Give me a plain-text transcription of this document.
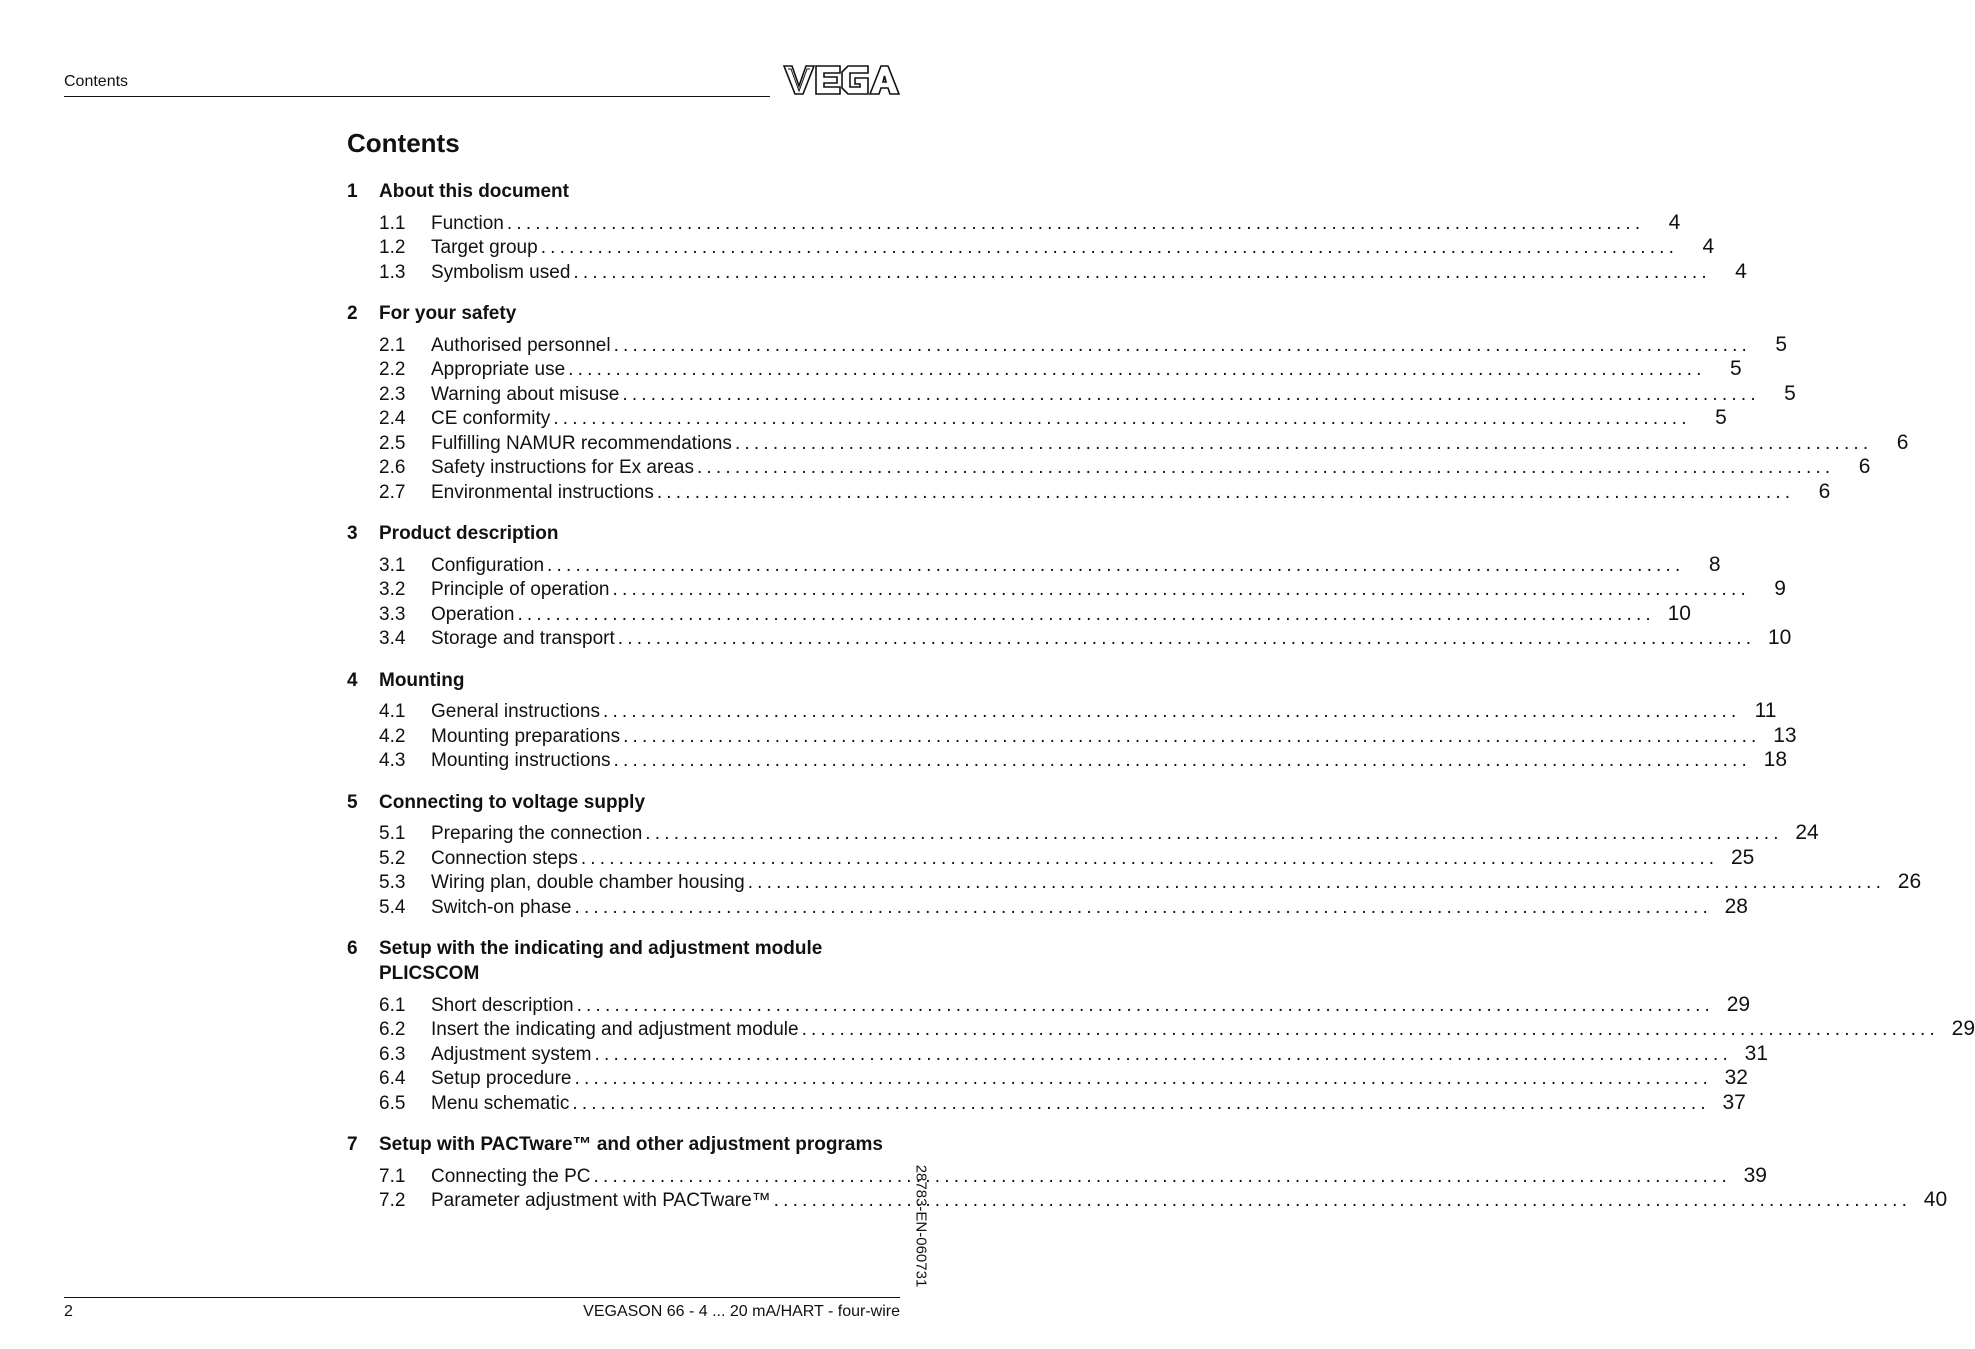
Contents
Contents
1	About this document
1.1	Function ........................................................................................................................	4
1.2	Target group ........................................................................................................................	4
1.3	Symbolism used ........................................................................................................................	4
2	For your safety
2.1	Authorised personnel ........................................................................................................................	5
2.2	Appropriate use ........................................................................................................................	5
2.3	Warning about misuse ........................................................................................................................	5
2.4	CE conformity ........................................................................................................................	5
2.5	Fulfilling NAMUR recommendations ........................................................................................................................	6
2.6	Safety instructions for Ex areas ........................................................................................................................	6
2.7	Environmental instructions ........................................................................................................................	6
3	Product description
3.1	Configuration ........................................................................................................................	8
3.2	Principle of operation ........................................................................................................................	9
3.3	Operation ........................................................................................................................ 10
3.4	Storage and transport ........................................................................................................................ 10
4	Mounting
4.1	General instructions ........................................................................................................................ 11
4.2	Mounting preparations ........................................................................................................................ 13
4.3	Mounting instructions ........................................................................................................................ 18
5	Connecting to voltage supply
5.1	Preparing the connection ........................................................................................................................ 24
5.2	Connection steps ........................................................................................................................ 25
5.3	Wiring plan, double chamber housing ........................................................................................................................ 26
5.4	Switch-on phase ........................................................................................................................ 28
6	Setup with the indicating and adjustment module PLICSCOM
6.1	Short description ........................................................................................................................ 29
6.2	Insert the indicating and adjustment module ........................................................................................................................ 29
6.3	Adjustment system ........................................................................................................................ 31
6.4	Setup procedure ........................................................................................................................ 32
6.5	Menu schematic ........................................................................................................................ 37
7	Setup with PACTware™ and other adjustment programs
7.1	Connecting the PC ........................................................................................................................ 39
7.2	Parameter adjustment with PACTware™ ........................................................................................................................ 40
28783-EN-060731
2	VEGASON 66 - 4 ... 20 mA/HART - four-wire
